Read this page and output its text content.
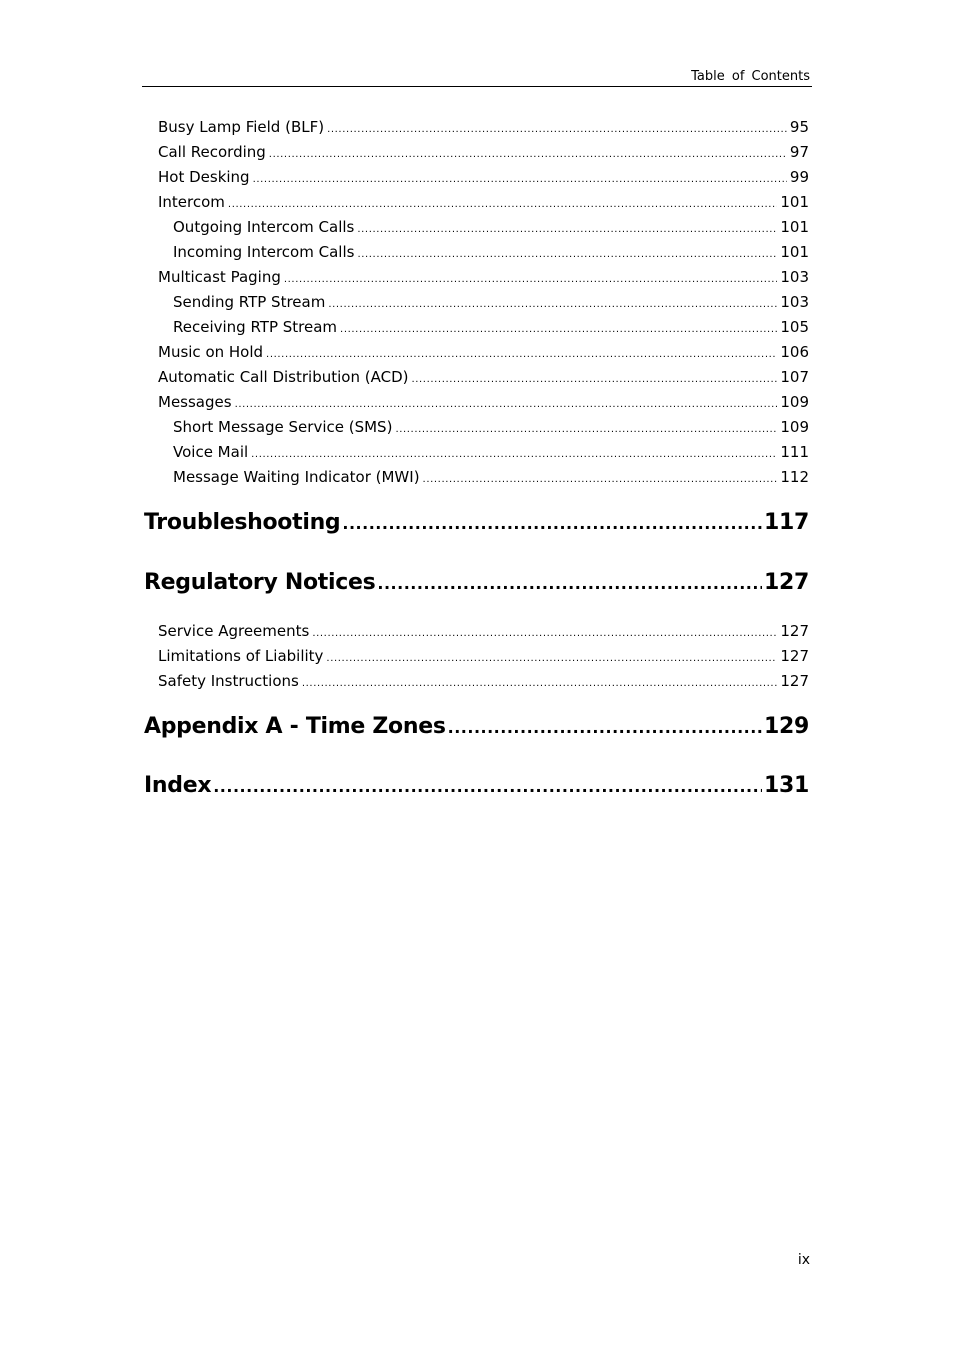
Table of Contents
Busy Lamp Field (BLF) .....	95
Call Recording .....	97
Hot Desking .....	99
Intercom .....	101
Outgoing Intercom Calls .....	101
Incoming Intercom Calls .....	101
Multicast Paging .....	103
Sending RTP Stream .....	103
Receiving RTP Stream .....	105
Music on Hold .....	106
Automatic Call Distribution (ACD) .....	107
Messages .....	109
Short Message Service (SMS) .....	109
Voice Mail .....	111
Message Waiting Indicator (MWI) .....	112
Troubleshooting .....	117
Regulatory Notices .....	127
Service Agreements .....	127
Limitations of Liability .....	127
Safety Instructions .....	127
Appendix A - Time Zones .....	129
Index .....	131
ix
